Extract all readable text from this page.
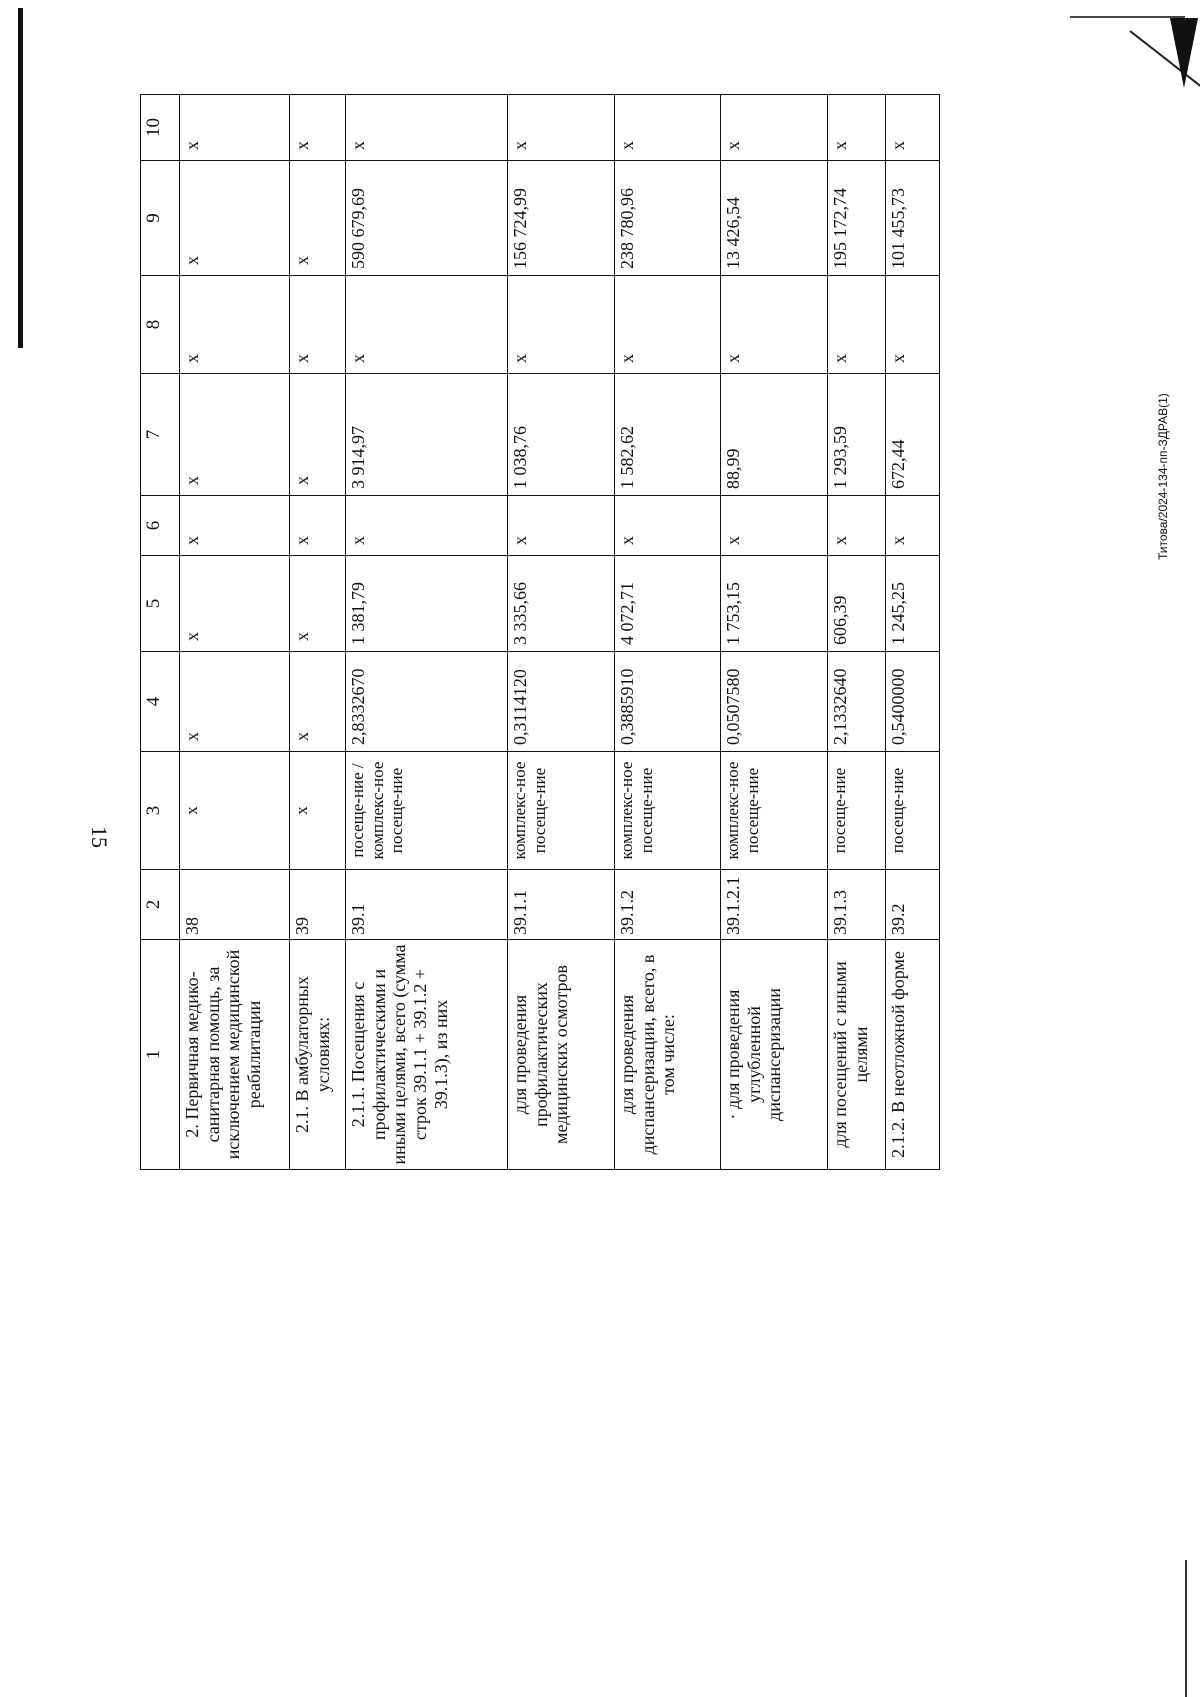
Титова/2024-134-пп-ЗДРАВ(1)
15
1	2	3	4	5	6	7	8	9	10
2. Первичная медико-санитарная помощь, за исключением медицинской реабилитации	38	x	x	x	x	x	x	x	x
2.1. В амбулаторных условиях:	39	x	x	x	x	x	x	x	x
2.1.1. Посещения с профилактическими и иными целями, всего (сумма строк 39.1.1 + 39.1.2 + 39.1.3), из них	39.1	посеще-ние / комплекс-ное посеще-ние	2,8332670	1 381,79	x	3 914,97	x	590 679,69	x
для проведения профилактических медицинских осмотров	39.1.1	комплекс-ное посеще-ние	0,3114120	3 335,66	x	1 038,76	x	156 724,99	x
для проведения диспансеризации, всего, в том числе:	39.1.2	комплекс-ное посеще-ние	0,3885910	4 072,71	x	1 582,62	x	238 780,96	x
· для проведения углубленной диспансеризации	39.1.2.1	комплекс-ное посеще-ние	0,0507580	1 753,15	x	88,99	x	13 426,54	x
для посещений с иными целями	39.1.3	посеще-ние	2,1332640	606,39	x	1 293,59	x	195 172,74	x
2.1.2. В неотложной форме	39.2	посеще-ние	0,5400000	1 245,25	x	672,44	x	101 455,73	x
